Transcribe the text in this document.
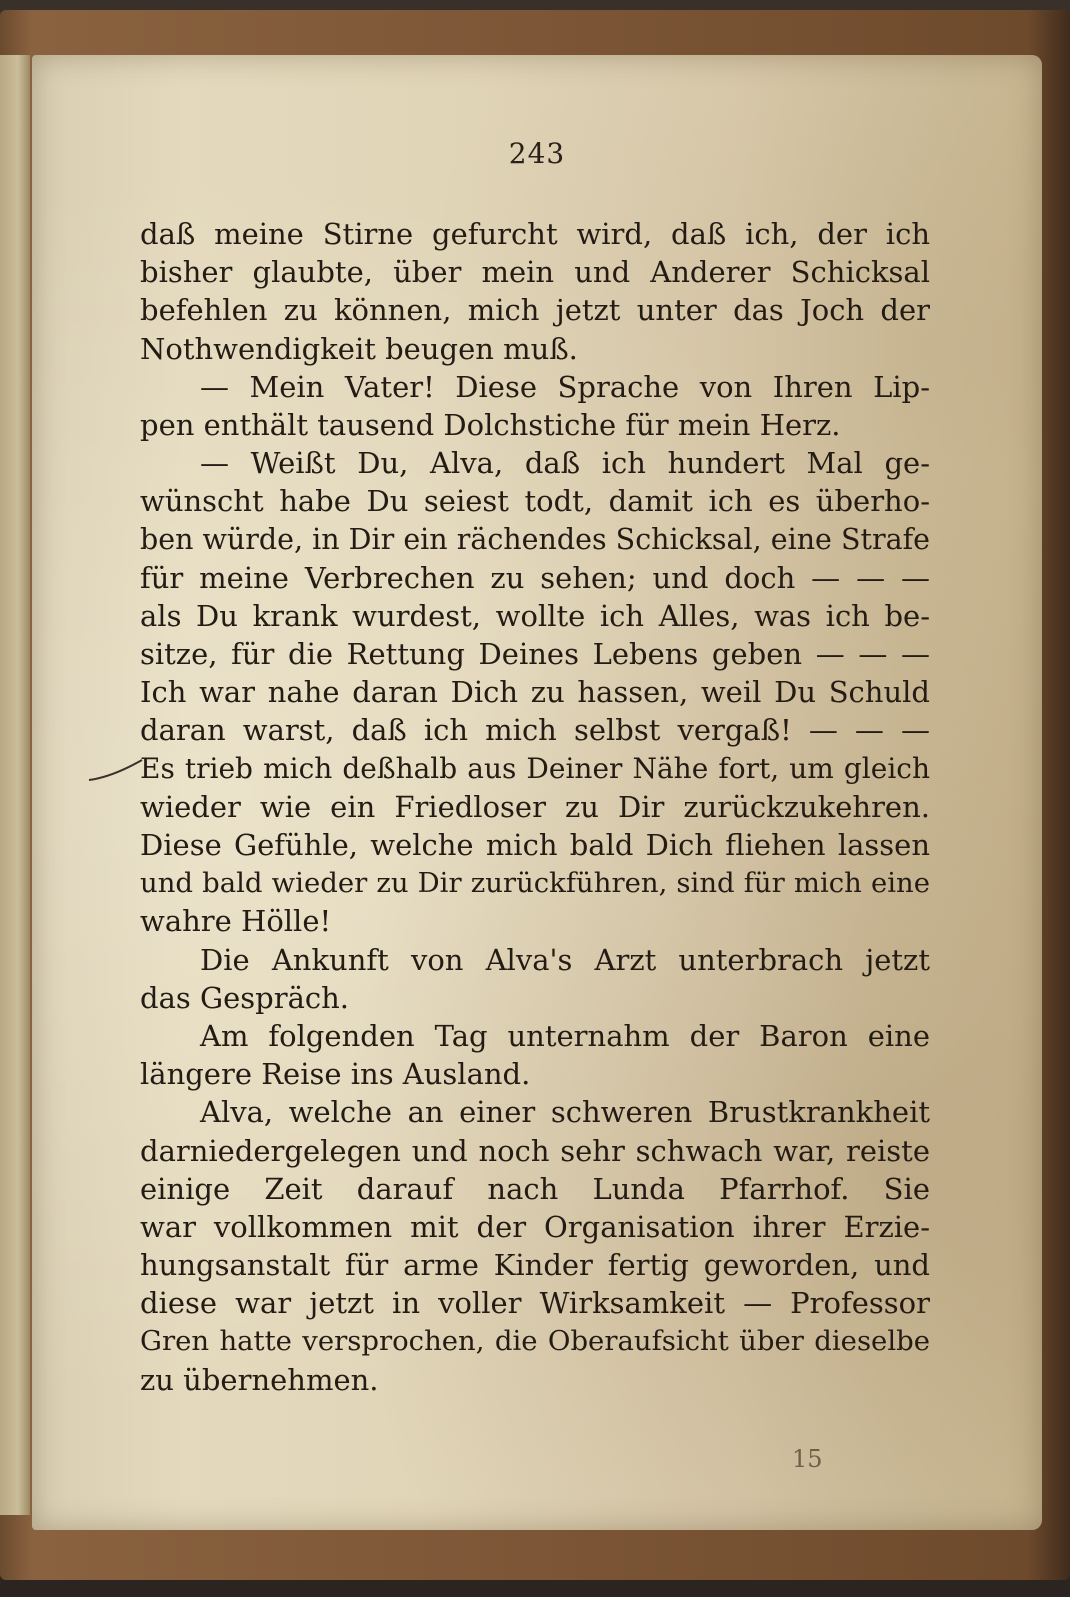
243
daß meine Stirne gefurcht wird, daß ich, der ich
bisher glaubte, über mein und Anderer Schicksal
befehlen zu können, mich jetzt unter das Joch der
Nothwendigkeit beugen muß.
— Mein Vater! Diese Sprache von Ihren Lip-
pen enthält tausend Dolchstiche für mein Herz.
— Weißt Du, Alva, daß ich hundert Mal ge-
wünscht habe Du seiest todt, damit ich es überho-
ben würde, in Dir ein rächendes Schicksal, eine Strafe
für meine Verbrechen zu sehen; und doch — — —
als Du krank wurdest, wollte ich Alles, was ich be-
sitze, für die Rettung Deines Lebens geben — — —
Ich war nahe daran Dich zu hassen, weil Du Schuld
daran warst, daß ich mich selbst vergaß! — — —
Es trieb mich deßhalb aus Deiner Nähe fort, um gleich
wieder wie ein Friedloser zu Dir zurückzukehren.
Diese Gefühle, welche mich bald Dich fliehen lassen
und bald wieder zu Dir zurückführen, sind für mich eine
wahre Hölle!
Die Ankunft von Alva's Arzt unterbrach jetzt
das Gespräch.
Am folgenden Tag unternahm der Baron eine
längere Reise ins Ausland.
Alva, welche an einer schweren Brustkrankheit
darniedergelegen und noch sehr schwach war, reiste
einige Zeit darauf nach Lunda Pfarrhof. Sie
war vollkommen mit der Organisation ihrer Erzie-
hungsanstalt für arme Kinder fertig geworden, und
diese war jetzt in voller Wirksamkeit — Professor
Gren hatte versprochen, die Oberaufsicht über dieselbe
zu übernehmen.
15
